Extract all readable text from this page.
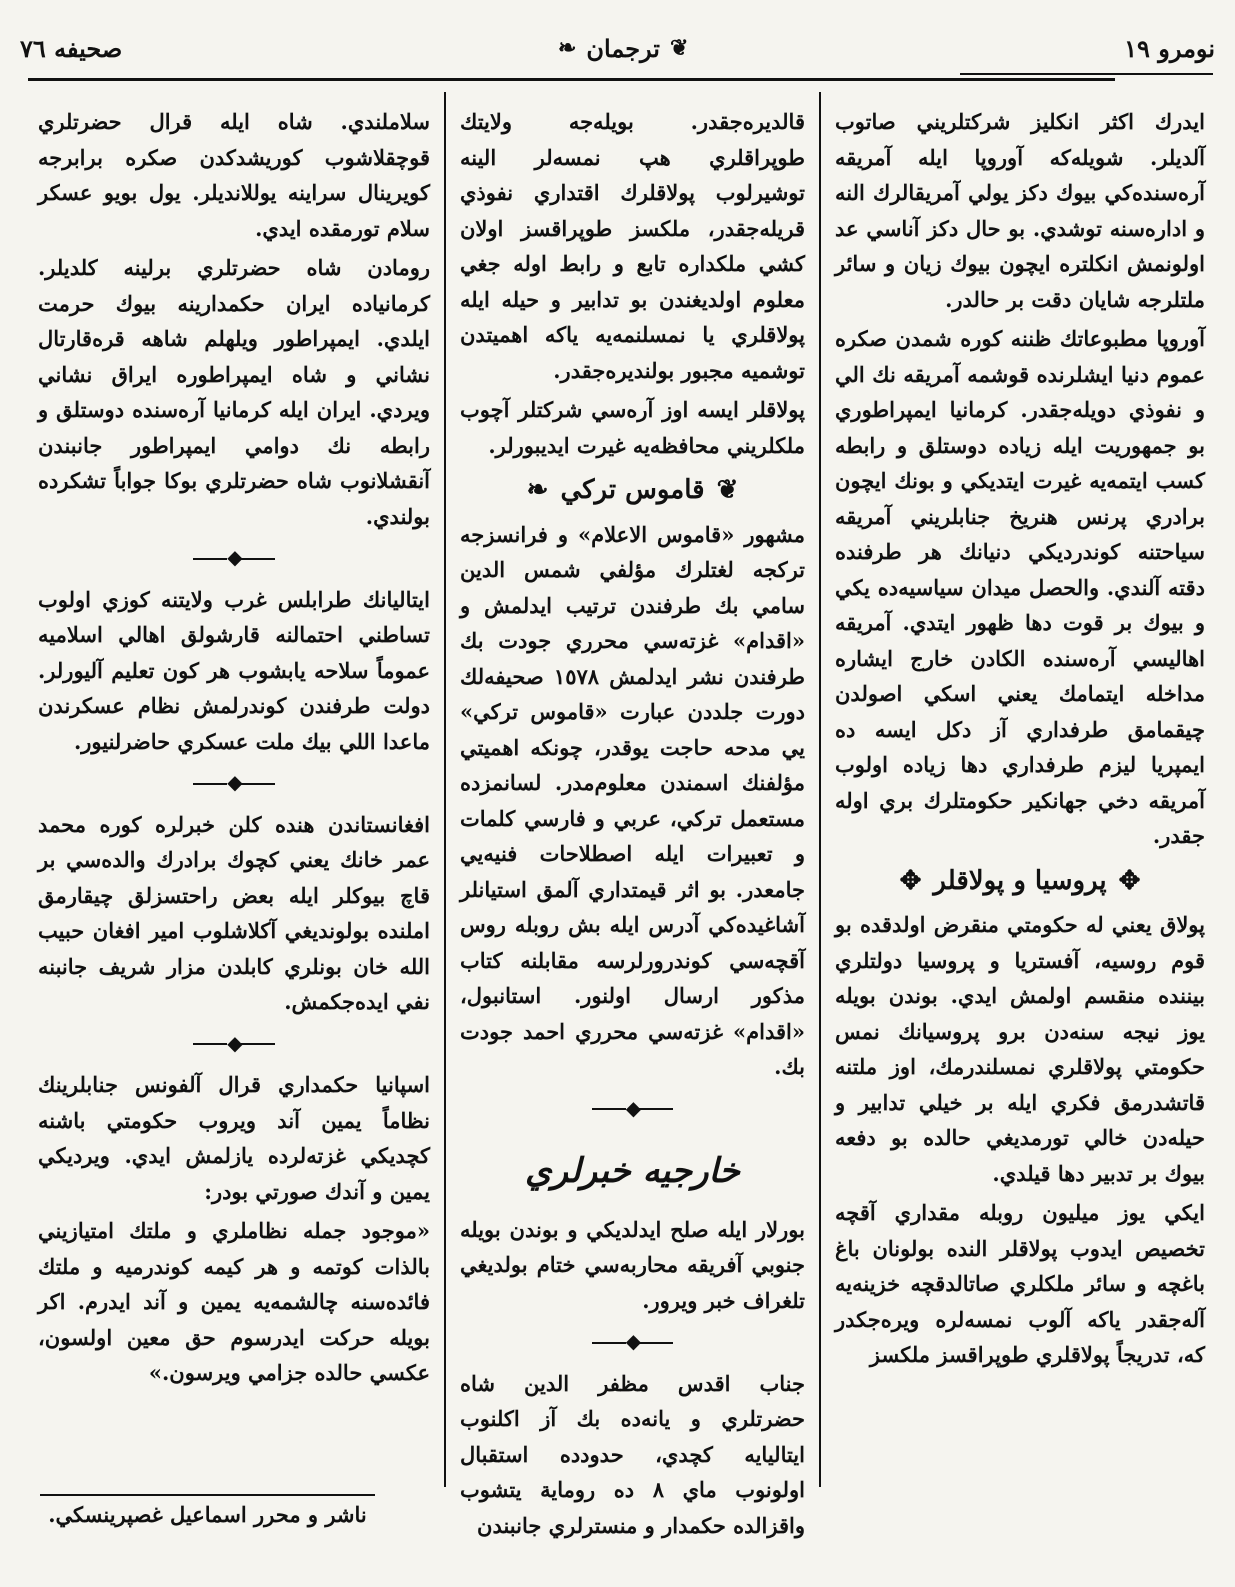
نومرو ١٩
❦
ترجمان
❧
صحيفه ٧٦

ايدرك اكثر انكليز شركتلريني صاتوب آلديلر. شويله‌كه آوروپا ايله آمريقه آره‌سنده‌كي بيوك دكز يولي آمريقالرك النه و اداره‌سنه توشدي. بو حال دكز آناسي عد اولونمش انكلتره ايچون بيوك زيان و سائر ملتلرجه شايان دقت بر حالدر.

آوروپا مطبوعاتك ظننه كوره شمدن صكره عموم دنيا ايشلرنده قوشمه آمريقه نك الي و نفوذي دويله‌جقدر. كرمانيا ايمپراطوري بو جمهوريت ايله زياده دوستلق و رابطه كسب ايتمه‌يه غيرت ايتديكي و بونك ايچون برادري پرنس هنريخ جنابلريني آمريقه سياحتنه كوندرديكي دنيانك هر طرفنده دقته آلندي. والحصل ميدان سياسيه‌ده يكي و بيوك بر قوت دها ظهور ايتدي. آمريقه اهاليسي آره‌سنده الكادن خارج ايشاره مداخله ايتمامك يعني اسكي اصولدن چيقمامق طرفداري آز دكل ايسه ده ايمپريا ليزم طرفداري دها زياده اولوب آمريقه دخي جهانكير حكومتلرك بري اوله جقدر.

✥
پروسيا و پولاقلر
✥

پولاق يعني له حكومتي منقرض اولدقده بو قوم روسيه، آفستريا و پروسيا دولتلري بيننده منقسم اولمش ايدي. بوندن بويله يوز نيجه سنه‌دن برو پروسيانك نمس حكومتي پولاقلري نمسلندرمك، اوز ملتنه قاتشدرمق فكري ايله بر خيلي تدابير و حيله‌دن خالي تورمديغي حالده بو دفعه بيوك بر تدبير دها قيلدي.

ايكي يوز ميليون روبله مقداري آقچه تخصيص ايدوب پولاقلر النده بولونان باغ باغچه و سائر ملكلري صاتالدقچه خزينه‌يه آله‌جقدر ياكه آلوب نمسه‌لره ويره‌جكدر كه، تدريجاً پولاقلري طوپراقسز ملكسز

قالديره‌جقدر. بويله‌جه ولايتك طوپراقلري هپ نمسه‌لر الينه توشيرلوب پولاقلرك اقتداري نفوذي قريله‌جقدر، ملكسز طوپراقسز اولان كشي ملكداره تابع و رابط اوله جغي معلوم اولديغندن بو تدابير و حيله ايله پولاقلري يا نمسلنمه‌يه ياكه اهميتدن توشميه مجبور بولنديره‌جقدر.

پولاقلر ايسه اوز آره‌سي شركتلر آچوب ملكلريني محافظه‌يه غيرت ايديبورلر.

❦
قاموس تركي
❧

مشهور «قاموس الاعلام» و فرانسزجه تركجه لغتلرك مؤلفي شمس الدين سامي بك طرفندن ترتيب ايدلمش و «اقدام» غزته‌سي محرري جودت بك طرفندن نشر ايدلمش ١٥٧٨ صحيفه‌لك دورت جلددن عبارت «قاموس تركي» يي مدحه حاجت يوقدر، چونكه اهميتي مؤلفنك اسمندن معلوم‌مدر. لسانمزده مستعمل تركي، عربي و فارسي كلمات و تعبيرات ايله اصطلاحات فنيه‌يي جامعدر. بو اثر قيمتداري آلمق استيانلر آشاغيده‌كي آدرس ايله بش روبله روس آقچه‌سي كوندرورلرسه مقابلنه كتاب مذكور ارسال اولنور. استانبول، «اقدام» غزته‌سي محرري احمد جودت بك.

◆
خارجيه خبرلري

بورلار ايله صلح ايدلديكي و بوندن بويله جنوبي آفريقه محاربه‌سي ختام بولديغي تلغراف خبر ويرور.

◆

جناب اقدس مظفر الدين شاه حضرتلري و يانه‌ده بك آز اكلنوب ايتاليايه كچدي، حدودده استقبال اولونوب ماي ٨ ده روماية يتشوب واقزالده حكمدار و منسترلري جانبندن

سلاملندي. شاه ايله قرال حضرتلري قوچقلاشوب كوريشدكدن صكره برابرجه كويرينال سراينه يوللانديلر. يول بويو عسكر سلام تورمقده ايدي.

رومادن شاه حضرتلري برلينه كلديلر. كرمانياده ايران حكمدارينه بيوك حرمت ايلدي. ايمپراطور ويلهلم شاهه قره‌قارتال نشاني و شاه ايمپراطوره ايراق نشاني ويردي. ايران ايله كرمانيا آره‌سنده دوستلق و رابطه نك دوامي ايمپراطور جانبندن آنقشلانوب شاه حضرتلري بوكا جواباً تشكرده بولندي.

◆

ايتاليانك طرابلس غرب ولايتنه كوزي اولوب تساطني احتمالنه قارشولق اهالي اسلاميه عموماً سلاحه يابشوب هر كون تعليم آليورلر. دولت طرفندن كوندرلمش نظام عسكرندن ماعدا اللي بيك ملت عسكري حاضرلنيور.

◆

افغانستاندن هنده كلن خبرلره كوره محمد عمر خانك يعني كچوك برادرك والده‌سي بر قاچ بيوكلر ايله بعض راحتسزلق چيقارمق املنده بولونديغي آكلاشلوب امير افغان حبيب الله خان بونلري كابلدن مزار شريف جانبنه نفي ايده‌جكمش.

◆

اسپانيا حكمداري قرال آلفونس جنابلرينك نظاماً يمين آند ويروب حكومتي باشنه كچديكي غزته‌لرده يازلمش ايدي. ويرديكي يمين و آندك صورتي بودر:

«موجود جمله نظاملري و ملتك امتيازيني بالذات كوتمه و هر كيمه كوندرميه و ملتك فائده‌سنه چالشمه‌يه يمين و آند ايدرم. اكر بويله حركت ايدرسوم حق معين اولسون، عكسي حالده جزامي ويرسون.»

ناشر و محرر اسماعيل غصپرينسكي.
